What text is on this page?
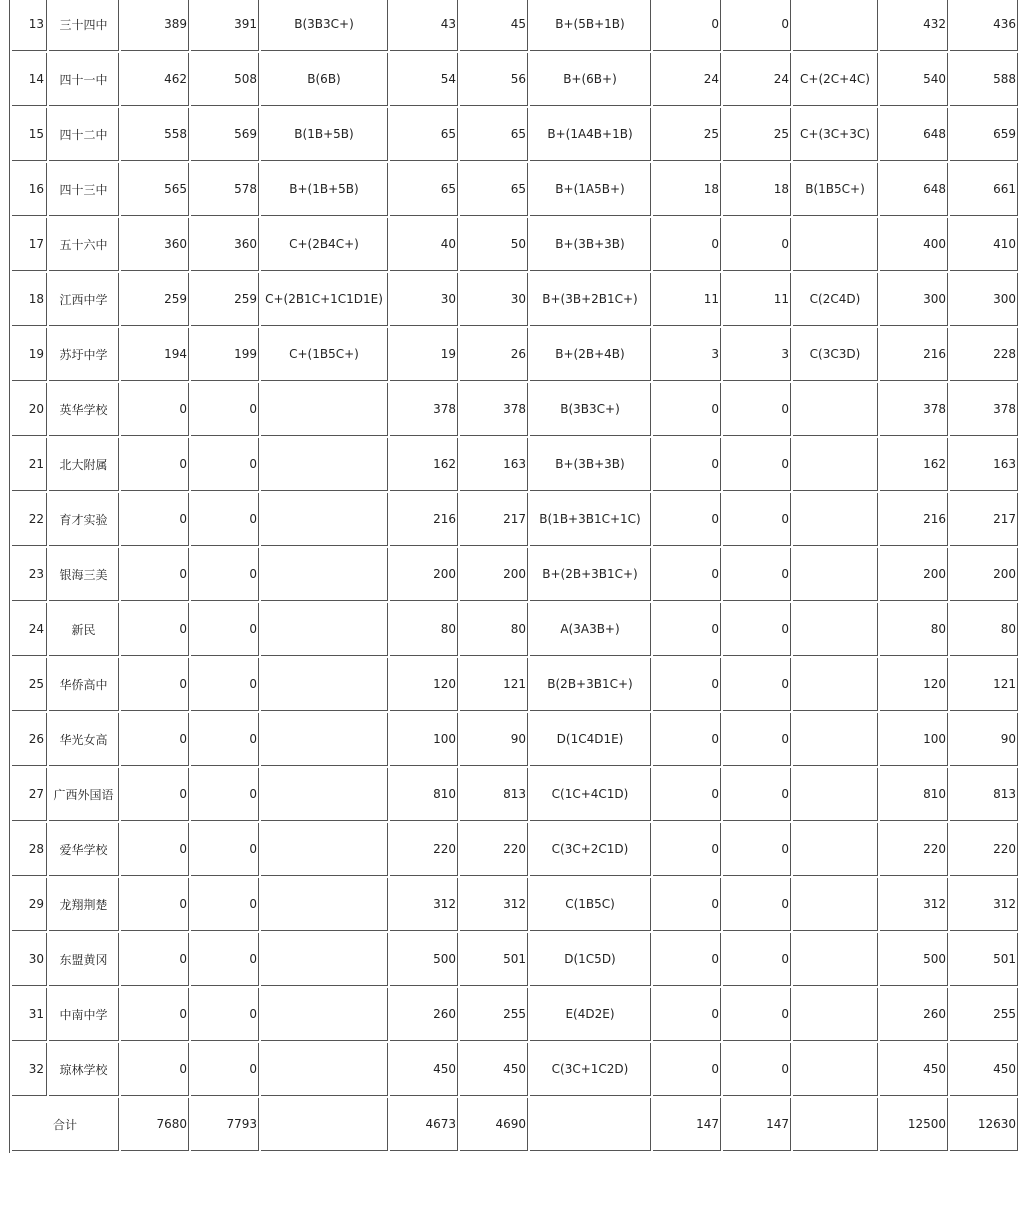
13	三十四中	389	391	B(3B3C+)	43	45	B+(5B+1B)	0	0		432	436
14	四十一中	462	508	B(6B)	54	56	B+(6B+)	24	24	C+(2C+4C)	540	588
15	四十二中	558	569	B(1B+5B)	65	65	B+(1A4B+1B)	25	25	C+(3C+3C)	648	659
16	四十三中	565	578	B+(1B+5B)	65	65	B+(1A5B+)	18	18	B(1B5C+)	648	661
17	五十六中	360	360	C+(2B4C+)	40	50	B+(3B+3B)	0	0		400	410
18	江西中学	259	259	C+(2B1C+1C1D1E)	30	30	B+(3B+2B1C+)	11	11	C(2C4D)	300	300
19	苏圩中学	194	199	C+(1B5C+)	19	26	B+(2B+4B)	3	3	C(3C3D)	216	228
20	英华学校	0	0		378	378	B(3B3C+)	0	0		378	378
21	北大附属	0	0		162	163	B+(3B+3B)	0	0		162	163
22	育才实验	0	0		216	217	B(1B+3B1C+1C)	0	0		216	217
23	银海三美	0	0		200	200	B+(2B+3B1C+)	0	0		200	200
24	新民	0	0		80	80	A(3A3B+)	0	0		80	80
25	华侨高中	0	0		120	121	B(2B+3B1C+)	0	0		120	121
26	华光女高	0	0		100	90	D(1C4D1E)	0	0		100	90
27	广西外国语	0	0		810	813	C(1C+4C1D)	0	0		810	813
28	爱华学校	0	0		220	220	C(3C+2C1D)	0	0		220	220
29	龙翔荆楚	0	0		312	312	C(1B5C)	0	0		312	312
30	东盟黄冈	0	0		500	501	D(1C5D)	0	0		500	501
31	中南中学	0	0		260	255	E(4D2E)	0	0		260	255
32	琼林学校	0	0		450	450	C(3C+1C2D)	0	0		450	450
合计		7680	7793		4673	4690		147	147		12500	12630
